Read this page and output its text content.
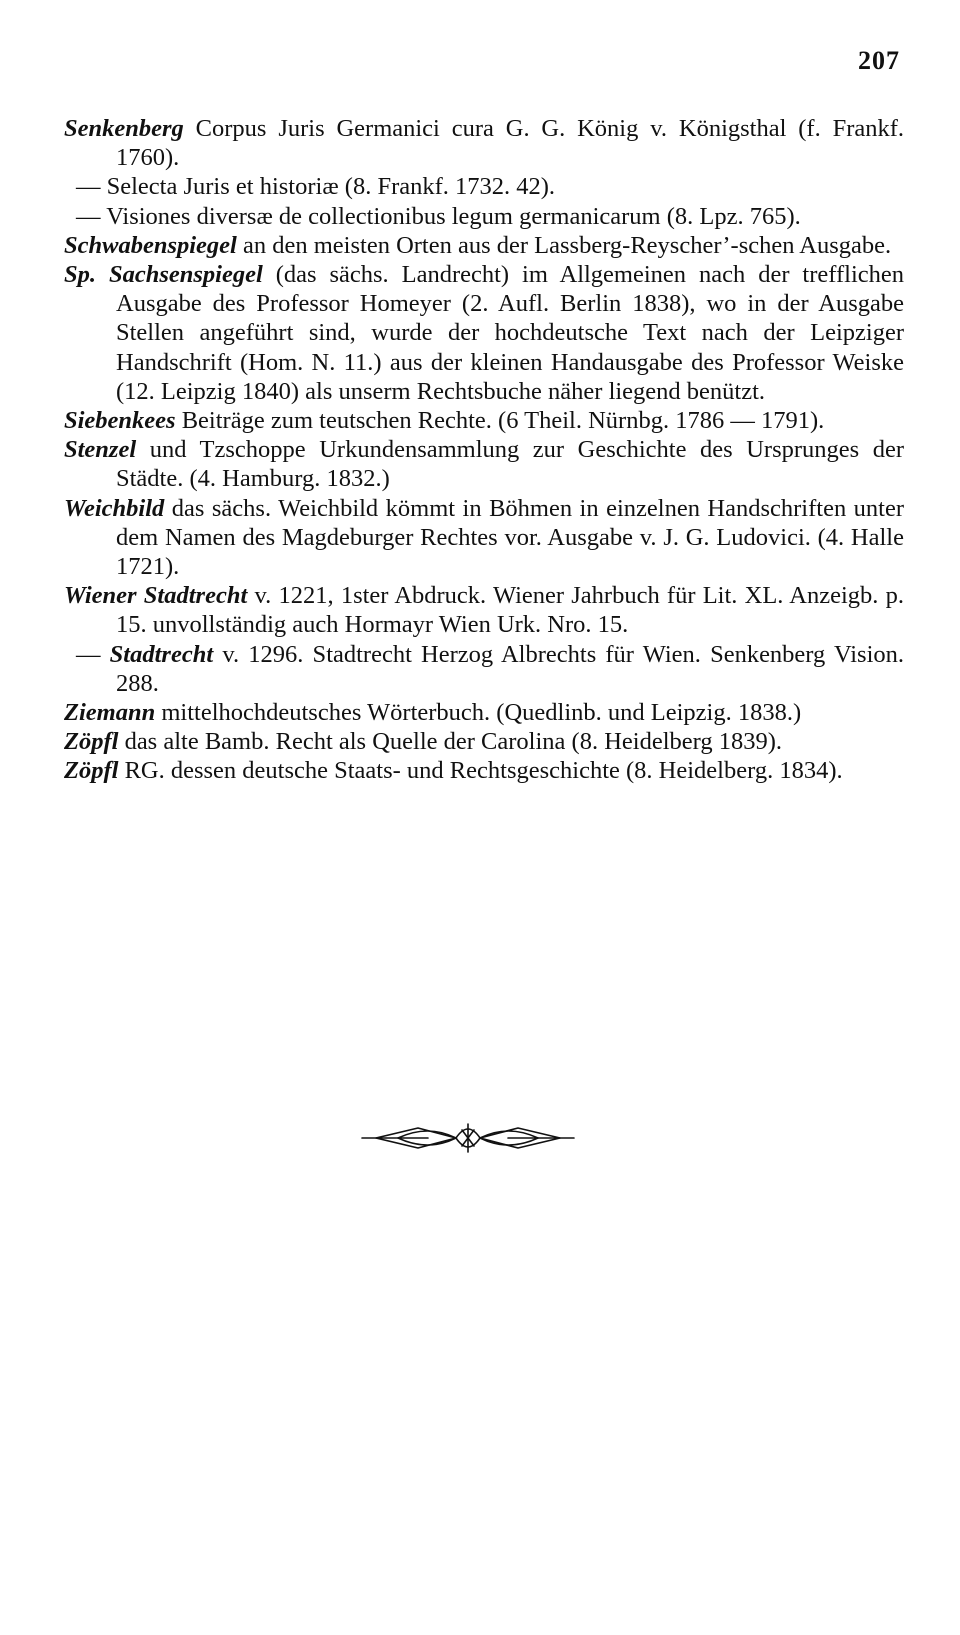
207

Senkenberg Corpus Juris Germanici cura G. G. König v. Königsthal (f. Frankf. 1760).

— Selecta Juris et historiæ (8. Frankf. 1732. 42).

— Visiones diversæ de collectionibus legum germanicarum (8. Lpz. 765).

Schwabenspiegel an den meisten Orten aus der Lassberg-Reyscher’-schen Ausgabe.

Sp. Sachsenspiegel (das sächs. Landrecht) im Allgemeinen nach der trefflichen Ausgabe des Professor Homeyer (2. Aufl. Berlin 1838), wo in der Ausgabe Stellen angeführt sind, wurde der hochdeutsche Text nach der Leipziger Handschrift (Hom. N. 11.) aus der kleinen Handausgabe des Professor Weiske (12. Leipzig 1840) als unserm Rechtsbuche näher liegend benützt.

Siebenkees Beiträge zum teutschen Rechte. (6 Theil. Nürnbg. 1786 — 1791).

Stenzel und Tzschoppe Urkundensammlung zur Geschichte des Ursprunges der Städte. (4. Hamburg. 1832.)

Weichbild das sächs. Weichbild kömmt in Böhmen in einzelnen Handschriften unter dem Namen des Magdeburger Rechtes vor. Ausgabe v. J. G. Ludovici. (4. Halle 1721).

Wiener Stadtrecht v. 1221, 1ster Abdruck. Wiener Jahrbuch für Lit. XL. Anzeigb. p. 15. unvollständig auch Hormayr Wien Urk. Nro. 15.

— Stadtrecht v. 1296. Stadtrecht Herzog Albrechts für Wien. Senkenberg Vision. 288.

Ziemann mittelhochdeutsches Wörterbuch. (Quedlinb. und Leipzig. 1838.)

Zöpfl das alte Bamb. Recht als Quelle der Carolina (8. Heidelberg 1839).

Zöpfl RG. dessen deutsche Staats- und Rechtsgeschichte (8. Heidelberg. 1834).
